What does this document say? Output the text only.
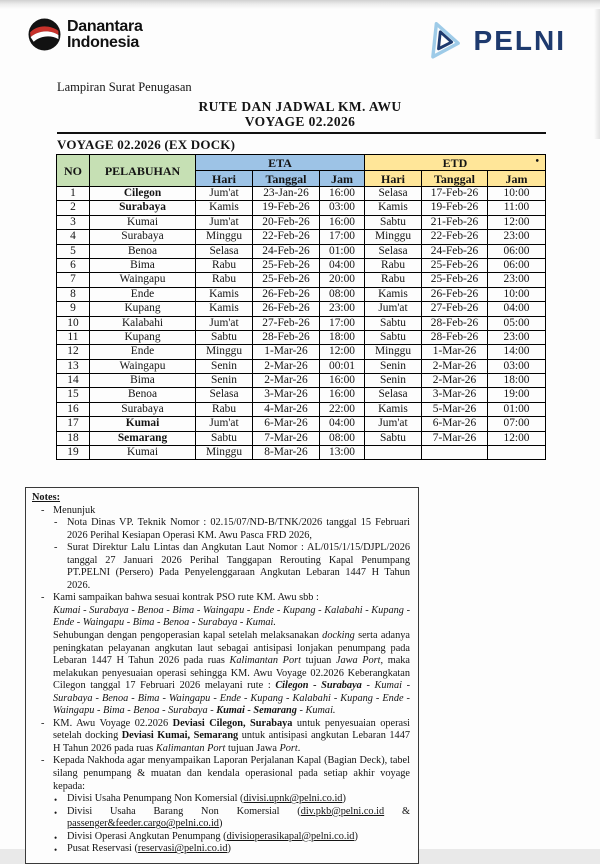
Danantara
Indonesia	PELNI
Lampiran Surat Penugasan
RUTE DAN JADWAL KM. AWU
VOYAGE 02.2026
VOYAGE 02.2026 (EX DOCK)
NO	PELABUHAN	ETA			ETD •		

		Hari	Tanggal	Jam	Hari	Tanggal	Jam
1	Cilegon	Jum'at	23-Jan-26	16:00	Selasa	17-Feb-26	10:00
2	Surabaya	Kamis	19-Feb-26	03:00	Kamis	19-Feb-26	11:00
3	Kumai	Jum'at	20-Feb-26	16:00	Sabtu	21-Feb-26	12:00
4	Surabaya	Minggu	22-Feb-26	17:00	Minggu	22-Feb-26	23:00
5	Benoa	Selasa	24-Feb-26	01:00	Selasa	24-Feb-26	06:00
6	Bima	Rabu	25-Feb-26	04:00	Rabu	25-Feb-26	06:00
7	Waingapu	Rabu	25-Feb-26	20:00	Rabu	25-Feb-26	23:00
8	Ende	Kamis	26-Feb-26	08:00	Kamis	26-Feb-26	10:00
9	Kupang	Kamis	26-Feb-26	23:00	Jum'at	27-Feb-26	04:00
10	Kalabahi	Jum'at	27-Feb-26	17:00	Sabtu	28-Feb-26	05:00
11	Kupang	Sabtu	28-Feb-26	18:00	Sabtu	28-Feb-26	23:00
12	Ende	Minggu	1-Mar-26	12:00	Minggu	1-Mar-26	14:00
13	Waingapu	Senin	2-Mar-26	00:01	Senin	2-Mar-26	03:00
14	Bima	Senin	2-Mar-26	16:00	Senin	2-Mar-26	18:00
15	Benoa	Selasa	3-Mar-26	16:00	Selasa	3-Mar-26	19:00
16	Surabaya	Rabu	4-Mar-26	22:00	Kamis	5-Mar-26	01:00
17	Kumai	Jum'at	6-Mar-26	04:00	Jum'at	6-Mar-26	07:00
18	Semarang	Sabtu	7-Mar-26	08:00	Sabtu	7-Mar-26	12:00
19	Kumai	Minggu	8-Mar-26	13:00			
Notes:
- Menunjuk
- Nota Dinas VP. Teknik Nomor : 02.15/07/ND-B/TNK/2026 tanggal 15 Februari 2026 Perihal Kesiapan Operasi KM. Awu Pasca FRD 2026,
- Surat Direktur Lalu Lintas dan Angkutan Laut Nomor : AL/015/1/15/DJPL/2026 tanggal 27 Januari 2026 Perihal Tanggapan Rerouting Kapal Penumpang PT.PELNI (Persero) Pada Penyelenggaraan Angkutan Lebaran 1447 H Tahun 2026.
- Kami sampaikan bahwa sesuai kontrak PSO rute KM. Awu sbb :
Kumai - Surabaya - Benoa - Bima - Waingapu - Ende - Kupang - Kalabahi - Kupang - Ende - Waingapu - Bima - Benoa - Surabaya - Kumai.
Sehubungan dengan pengoperasian kapal setelah melaksanakan docking serta adanya peningkatan pelayanan angkutan laut sebagai antisipasi lonjakan penumpang pada Lebaran 1447 H Tahun 2026 pada ruas Kalimantan Port tujuan Jawa Port, maka melakukan penyesuaian operasi sehingga KM. Awu Voyage 02.2026 Keberangkatan Cilegon tanggal 17 Februari 2026 melayani rute : Cilegon - Surabaya - Kumai - Surabaya - Benoa - Bima - Waingapu - Ende - Kupang - Kalabahi - Kupang - Ende - Waingapu - Bima - Benoa - Surabaya - Kumai - Semarang - Kumai.
- KM. Awu Voyage 02.2026 Deviasi Cilegon, Surabaya untuk penyesuaian operasi setelah docking Deviasi Kumai, Semarang untuk antisipasi angkutan Lebaran 1447 H Tahun 2026 pada ruas Kalimantan Port tujuan Jawa Port.
- Kepada Nakhoda agar menyampaikan Laporan Perjalanan Kapal (Bagian Deck), tabel silang penumpang & muatan dan kendala operasional pada setiap akhir voyage kepada:
• Divisi Usaha Penumpang Non Komersial (divisi.upnk@pelni.co.id)
• Divisi Usaha Barang Non Komersial (div.pkb@pelni.co.id & passenger&feeder.cargo@pelni.co.id)
• Divisi Operasi Angkutan Penumpang (divisioperasikapal@pelni.co.id)
• Pusat Reservasi (reservasi@pelni.co.id)
